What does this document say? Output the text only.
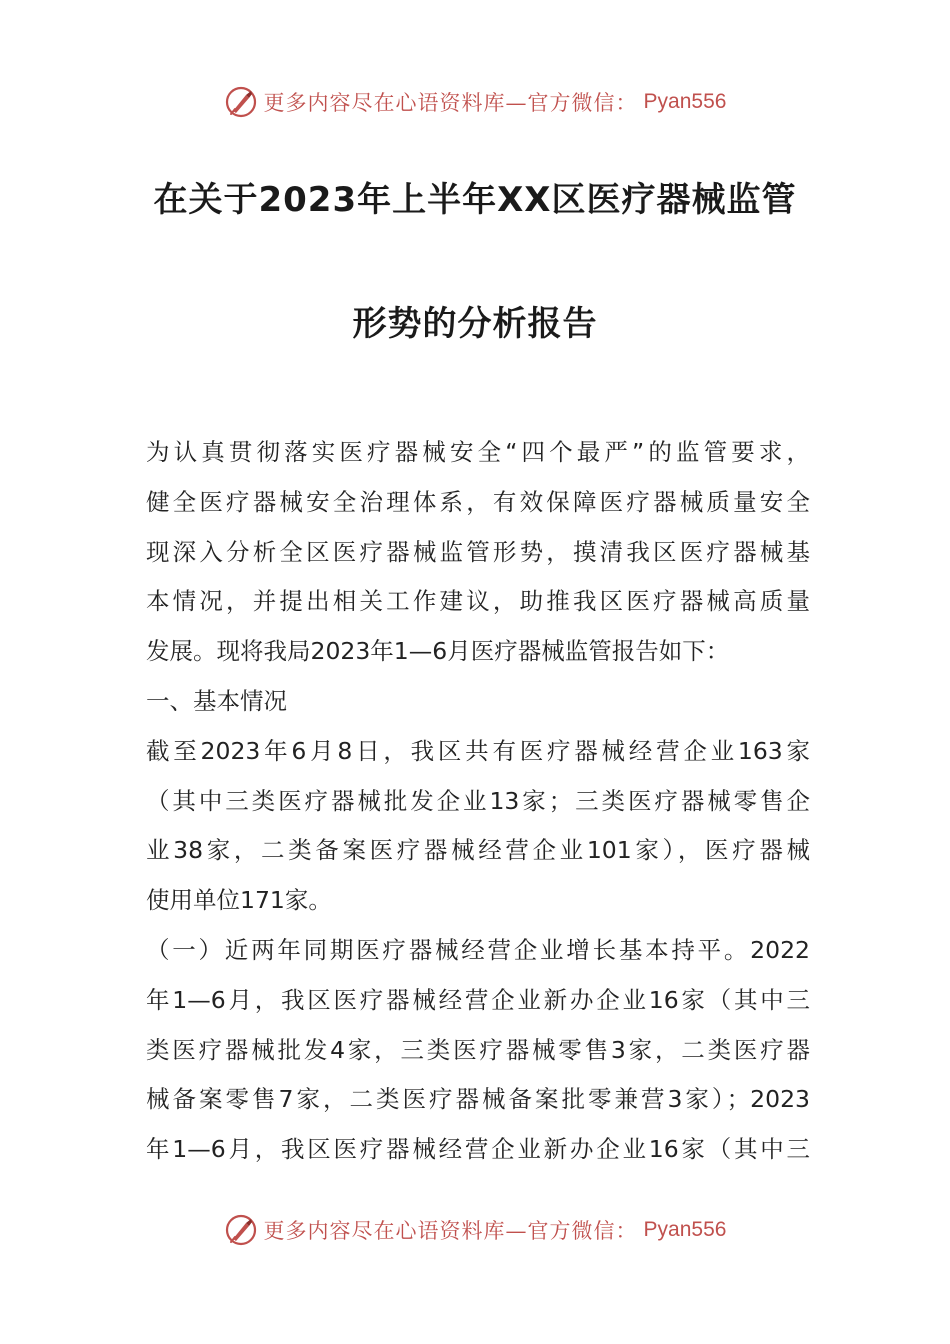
更多内容尽在心语资料库—官方微信： Pyan556
在关于2023年上半年XX区医疗器械监管
形势的分析报告
为认真贯彻落实医疗器械安全“四个最严”的监管要求，
健全医疗器械安全治理体系，有效保障医疗器械质量安全
现深入分析全区医疗器械监管形势，摸清我区医疗器械基
本情况，并提出相关工作建议，助推我区医疗器械高质量
发展。现将我局2023年1—6月医疗器械监管报告如下：
一、基本情况
截至2023年6月8日，我区共有医疗器械经营企业163家
（其中三类医疗器械批发企业13家；三类医疗器械零售企
业38家，二类备案医疗器械经营企业101家），医疗器械
使用单位171家。
（一）近两年同期医疗器械经营企业增长基本持平。2022
年1—6月，我区医疗器械经营企业新办企业16家（其中三
类医疗器械批发4家，三类医疗器械零售3家，二类医疗器
械备案零售7家，二类医疗器械备案批零兼营3家）；2023
年1—6月，我区医疗器械经营企业新办企业16家（其中三
更多内容尽在心语资料库—官方微信： Pyan556
